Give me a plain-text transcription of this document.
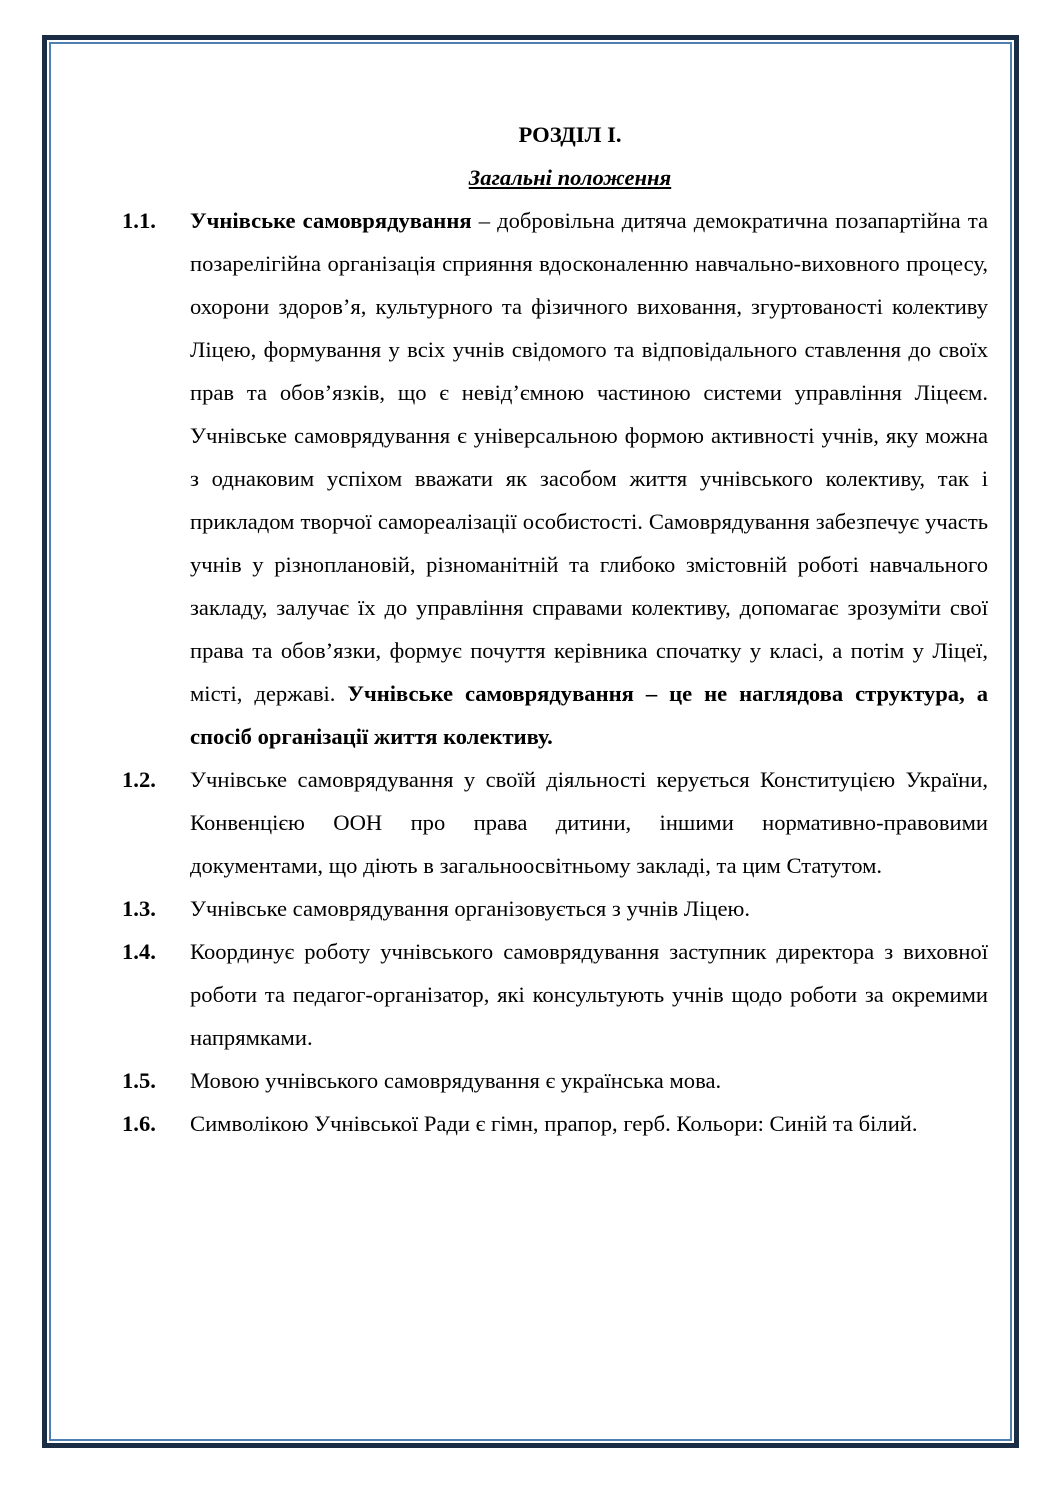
РОЗДІЛ I.

Загальні положення

1.1.	Учнівське самоврядування – добровільна дитяча демократична позапартійна та позарелігійна організація сприяння вдосконаленню навчально-виховного процесу, охорони здоров’я, культурного та фізичного виховання, згуртованості колективу Ліцею, формування у всіх учнів свідомого та відповідального ставлення до своїх прав та обов’язків, що є невід’ємною частиною системи управління Ліцеєм. Учнівське самоврядування є універсальною формою активності учнів, яку можна з однаковим успіхом вважати як засобом життя учнівського колективу, так і прикладом творчої самореалізації особистості. Самоврядування забезпечує участь учнів у різноплановій, різноманітній та глибоко змістовній роботі навчального закладу, залучає їх до управління справами колективу, допомагає зрозуміти свої права та обов’язки, формує почуття керівника спочатку у класі, а потім у Ліцеї, місті, державі. Учнівське самоврядування – це не наглядова структура, а спосіб організації життя колективу.
1.2.	Учнівське самоврядування у своїй діяльності керується Конституцією України, Конвенцією ООН про права дитини, іншими нормативно-правовими документами, що діють в загальноосвітньому закладі, та цим Статутом.
1.3.	Учнівське самоврядування організовується з учнів Ліцею.
1.4.	Координує роботу учнівського самоврядування заступник директора з виховної роботи та педагог-організатор, які консультують учнів щодо роботи за окремими напрямками.
1.5.	Мовою учнівського самоврядування є українська мова.
1.6.	Символікою Учнівської Ради є гімн, прапор, герб. Кольори: Синій та білий.
